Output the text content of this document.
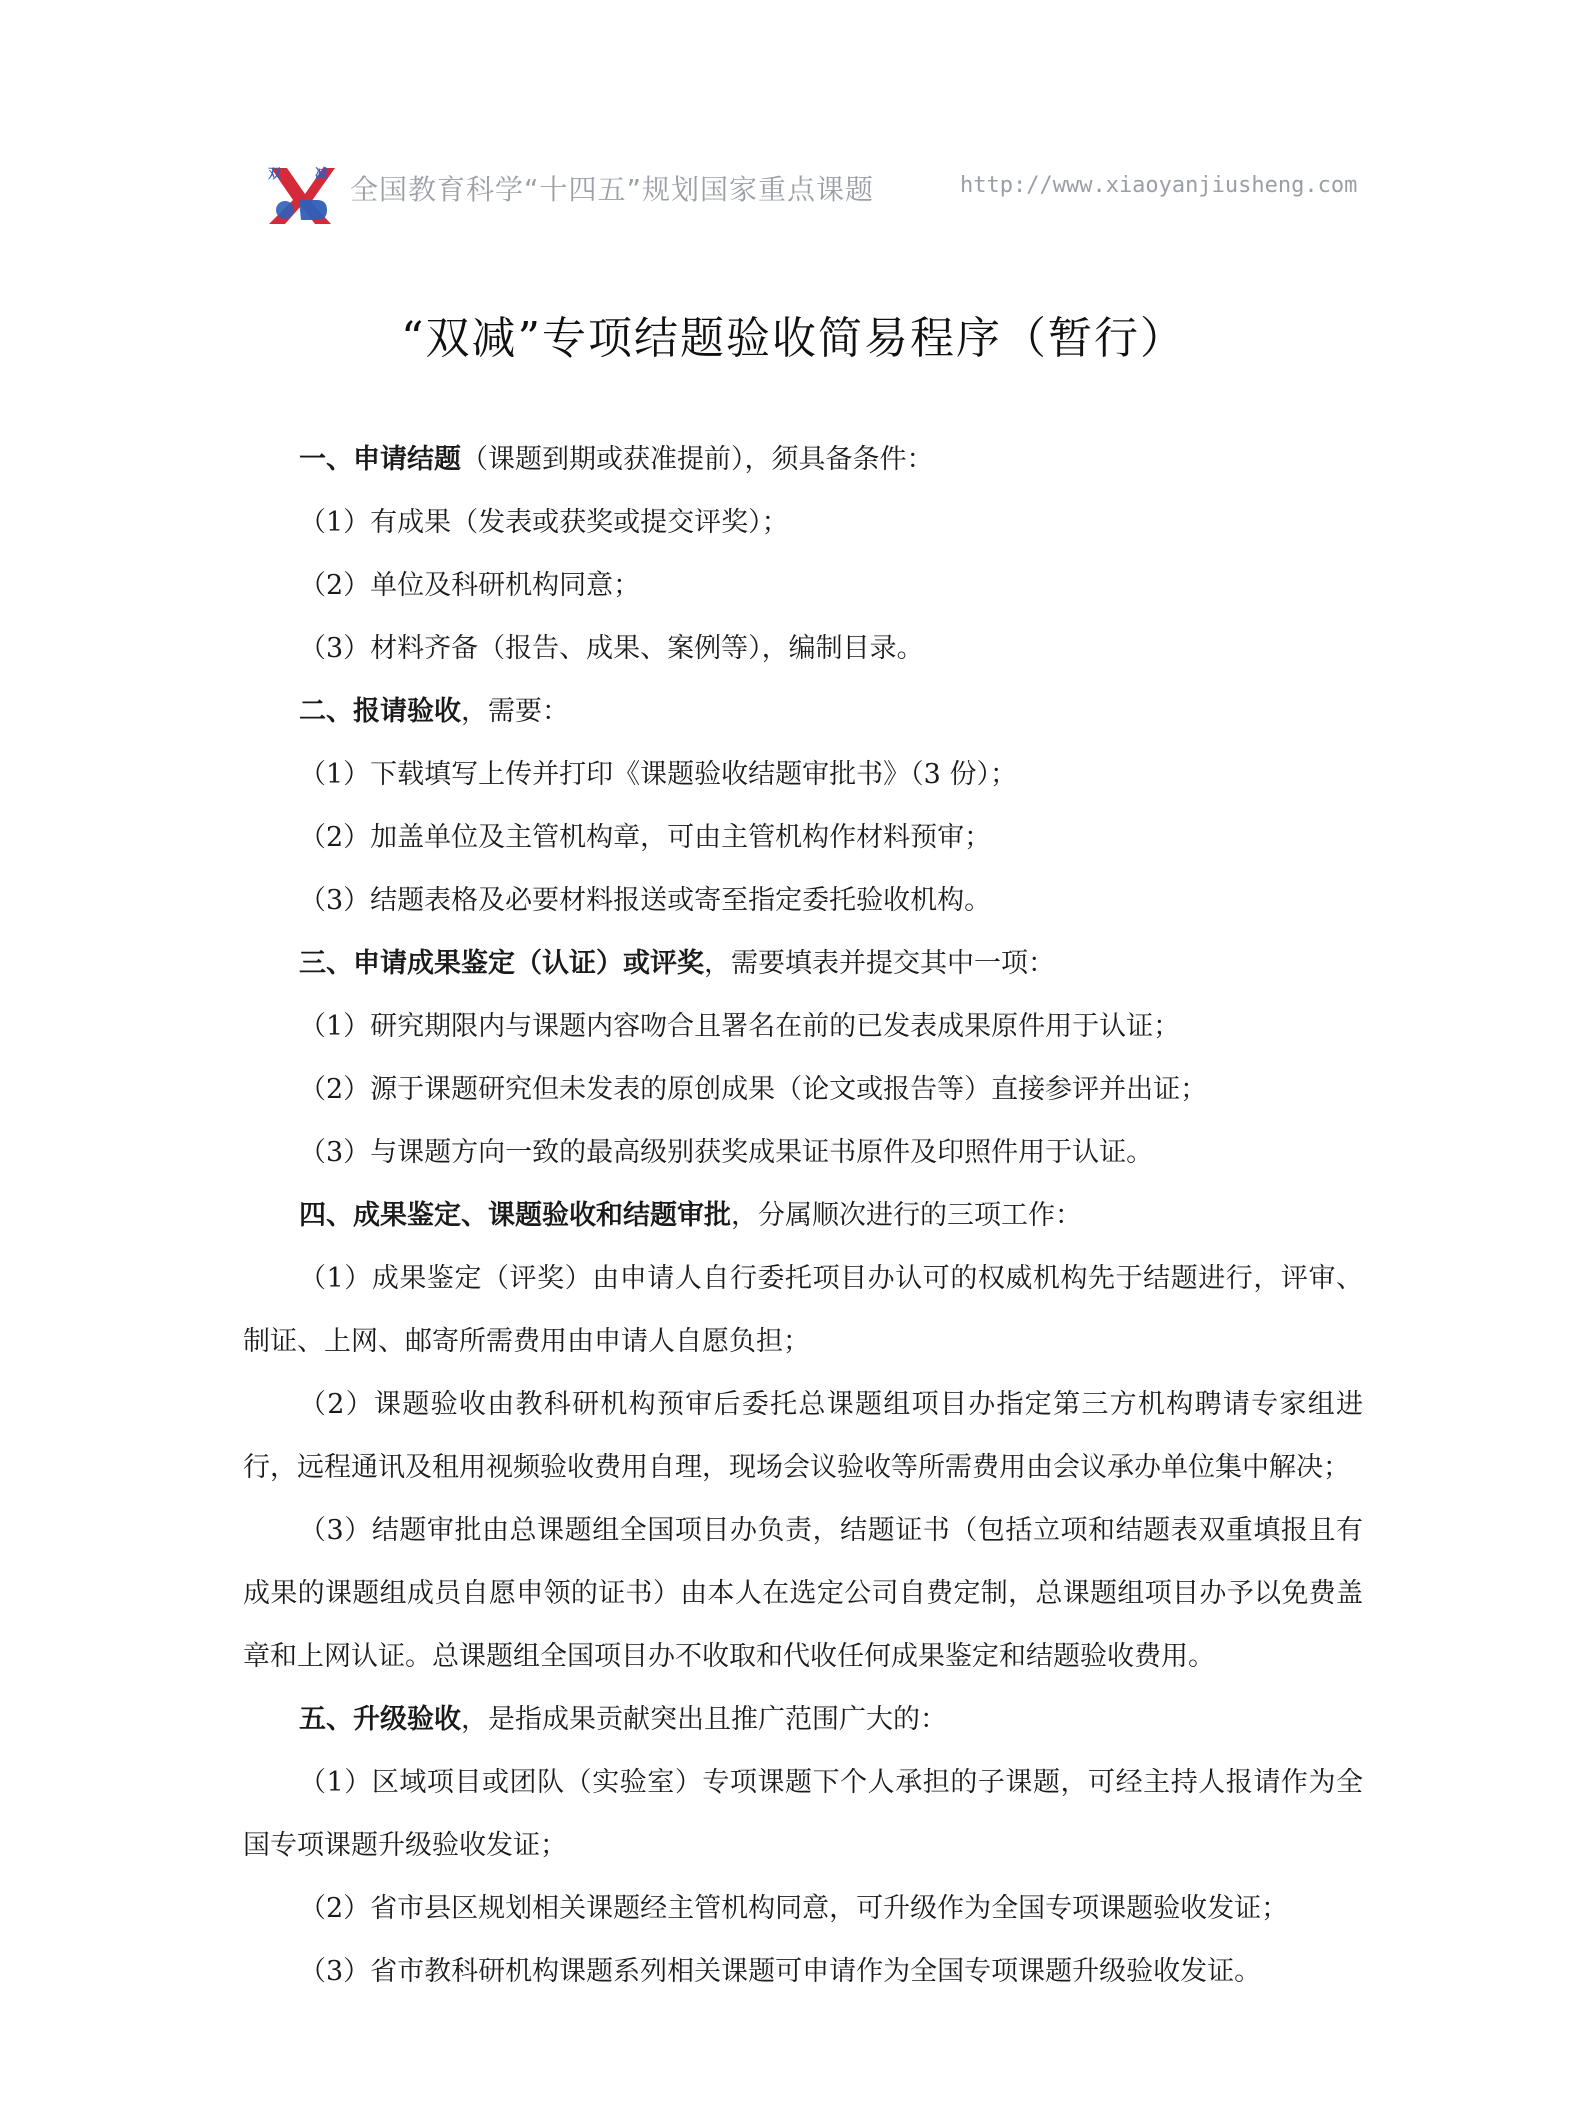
双	减 全国教育科学“十四五”规划国家重点课题	http://www.xiaoyanjiusheng.com
“双减”专项结题验收简易程序（暂行）

一、申请结题（课题到期或获准提前），须具备条件：

（1）有成果（发表或获奖或提交评奖）；

（2）单位及科研机构同意；

（3）材料齐备（报告、成果、案例等），编制目录。

二、报请验收，需要：

（1）下载填写上传并打印《课题验收结题审批书》（3 份）；

（2）加盖单位及主管机构章，可由主管机构作材料预审；

（3）结题表格及必要材料报送或寄至指定委托验收机构。

三、申请成果鉴定（认证）或评奖，需要填表并提交其中一项：

（1）研究期限内与课题内容吻合且署名在前的已发表成果原件用于认证；

（2）源于课题研究但未发表的原创成果（论文或报告等）直接参评并出证；

（3）与课题方向一致的最高级别获奖成果证书原件及印照件用于认证。

四、成果鉴定、课题验收和结题审批，分属顺次进行的三项工作：

（1）成果鉴定（评奖）由申请人自行委托项目办认可的权威机构先于结题进行，评审、制证、上网、邮寄所需费用由申请人自愿负担；

（2）课题验收由教科研机构预审后委托总课题组项目办指定第三方机构聘请专家组进行，远程通讯及租用视频验收费用自理，现场会议验收等所需费用由会议承办单位集中解决；

（3）结题审批由总课题组全国项目办负责，结题证书（包括立项和结题表双重填报且有成果的课题组成员自愿申领的证书）由本人在选定公司自费定制，总课题组项目办予以免费盖章和上网认证。总课题组全国项目办不收取和代收任何成果鉴定和结题验收费用。

五、升级验收，是指成果贡献突出且推广范围广大的：

（1）区域项目或团队（实验室）专项课题下个人承担的子课题，可经主持人报请作为全国专项课题升级验收发证；

（2）省市县区规划相关课题经主管机构同意，可升级作为全国专项课题验收发证；

（3）省市教科研机构课题系列相关课题可申请作为全国专项课题升级验收发证。
